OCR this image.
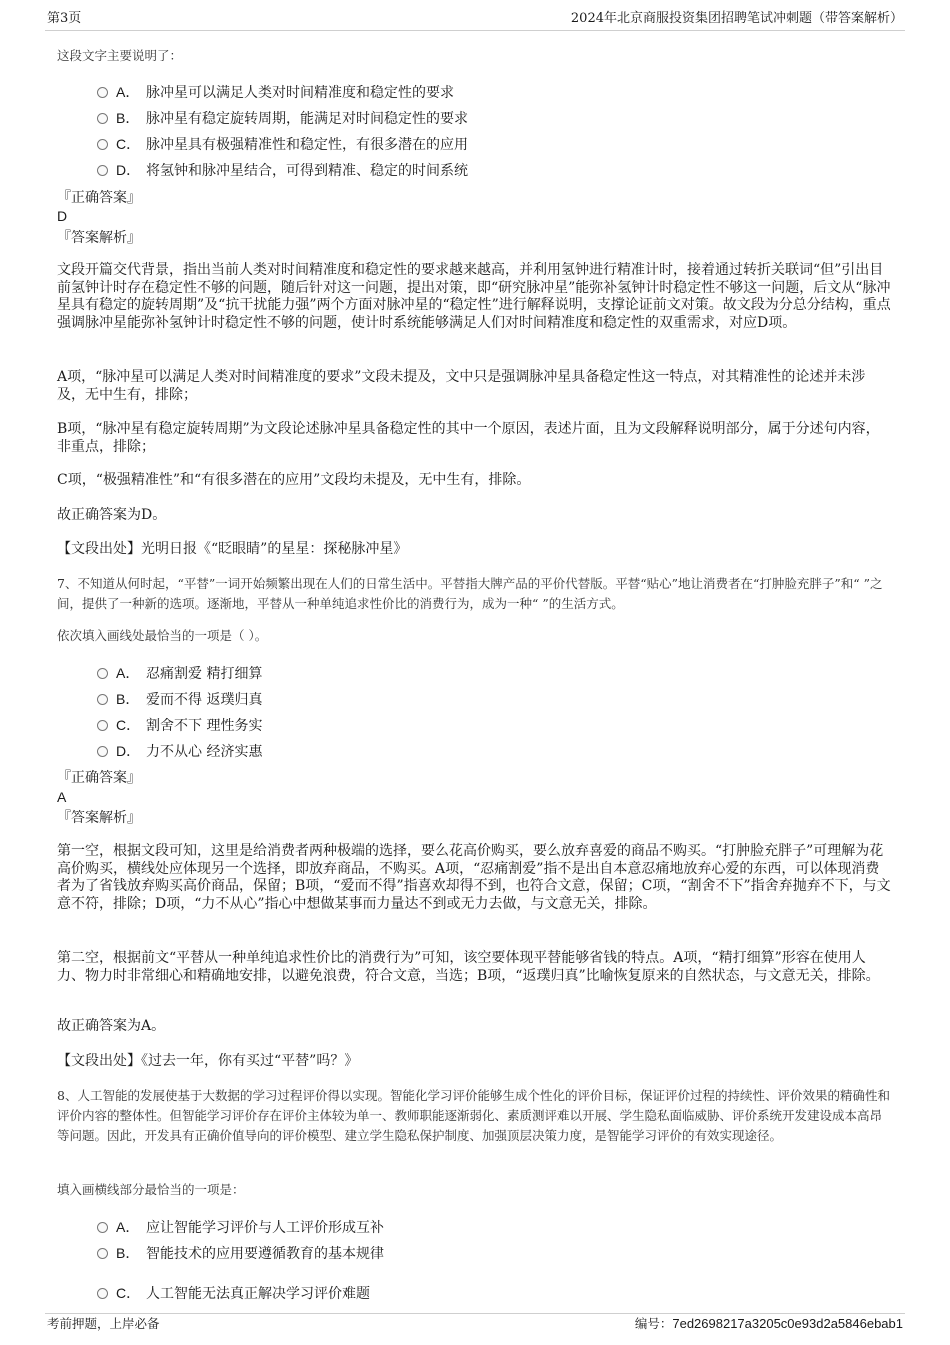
第3页	2024年北京商服投资集团招聘笔试冲刺题（带答案解析）
这段文字主要说明了：
A． 脉冲星可以满足人类对时间精准度和稳定性的要求
B． 脉冲星有稳定旋转周期，能满足对时间稳定性的要求
C． 脉冲星具有极强精准性和稳定性，有很多潜在的应用
D． 将氢钟和脉冲星结合，可得到精准、稳定的时间系统
『正确答案』
D
『答案解析』
文段开篇交代背景，指出当前人类对时间精准度和稳定性的要求越来越高，并利用氢钟进行精准计时，接着通过转折关联词“但”引出目前氢钟计时存在稳定性不够的问题，随后针对这一问题，提出对策，即“研究脉冲星”能弥补氢钟计时稳定性不够这一问题，后文从“脉冲星具有稳定的旋转周期”及“抗干扰能力强”两个方面对脉冲星的“稳定性”进行解释说明，支撑论证前文对策。故文段为分总分结构，重点强调脉冲星能弥补氢钟计时稳定性不够的问题，使计时系统能够满足人们对时间精准度和稳定性的双重需求，对应D项。
A项，“脉冲星可以满足人类对时间精准度的要求”文段未提及，文中只是强调脉冲星具备稳定性这一特点，对其精准性的论述并未涉及，无中生有，排除；
B项，“脉冲星有稳定旋转周期”为文段论述脉冲星具备稳定性的其中一个原因，表述片面，且为文段解释说明部分，属于分述句内容，非重点，排除；
C项，“极强精准性”和“有很多潜在的应用”文段均未提及，无中生有，排除。
故正确答案为D。
【文段出处】光明日报《“眨眼睛”的星星：探秘脉冲星》
7、不知道从何时起，“平替”一词开始频繁出现在人们的日常生活中。平替指大牌产品的平价代替版。平替“贴心”地让消费者在“打肿脸充胖子”和“ ”之间，提供了一种新的选项。逐渐地，平替从一种单纯追求性价比的消费行为，成为一种“ ”的生活方式。
依次填入画线处最恰当的一项是（ ）。
A． 忍痛割爱 精打细算
B． 爱而不得 返璞归真
C． 割舍不下 理性务实
D． 力不从心 经济实惠
『正确答案』
A
『答案解析』
第一空，根据文段可知，这里是给消费者两种极端的选择，要么花高价购买，要么放弃喜爱的商品不购买。“打肿脸充胖子”可理解为花高价购买，横线处应体现另一个选择，即放弃商品，不购买。A项，“忍痛割爱”指不是出自本意忍痛地放弃心爱的东西，可以体现消费者为了省钱放弃购买高价商品，保留；B项，“爱而不得”指喜欢却得不到，也符合文意，保留；C项，“割舍不下”指舍弃抛弃不下，与文意不符，排除；D项，“力不从心”指心中想做某事而力量达不到或无力去做，与文意无关，排除。
第二空，根据前文“平替从一种单纯追求性价比的消费行为”可知，该空要体现平替能够省钱的特点。A项，“精打细算”形容在使用人力、物力时非常细心和精确地安排，以避免浪费，符合文意，当选；B项，“返璞归真”比喻恢复原来的自然状态，与文意无关，排除。
故正确答案为A。
【文段出处】《过去一年，你有买过“平替”吗？》
8、人工智能的发展使基于大数据的学习过程评价得以实现。智能化学习评价能够生成个性化的评价目标，保证评价过程的持续性、评价效果的精确性和评价内容的整体性。但智能学习评价存在评价主体较为单一、教师职能逐渐弱化、素质测评难以开展、学生隐私面临威胁、评价系统开发建设成本高昂等问题。因此，开发具有正确价值导向的评价模型、建立学生隐私保护制度、加强顶层决策力度，是智能学习评价的有效实现途径。
填入画横线部分最恰当的一项是：
A． 应让智能学习评价与人工评价形成互补
B． 智能技术的应用要遵循教育的基本规律
C． 人工智能无法真正解决学习评价难题
考前押题，上岸必备	编号：7ed2698217a3205c0e93d2a5846ebab1
